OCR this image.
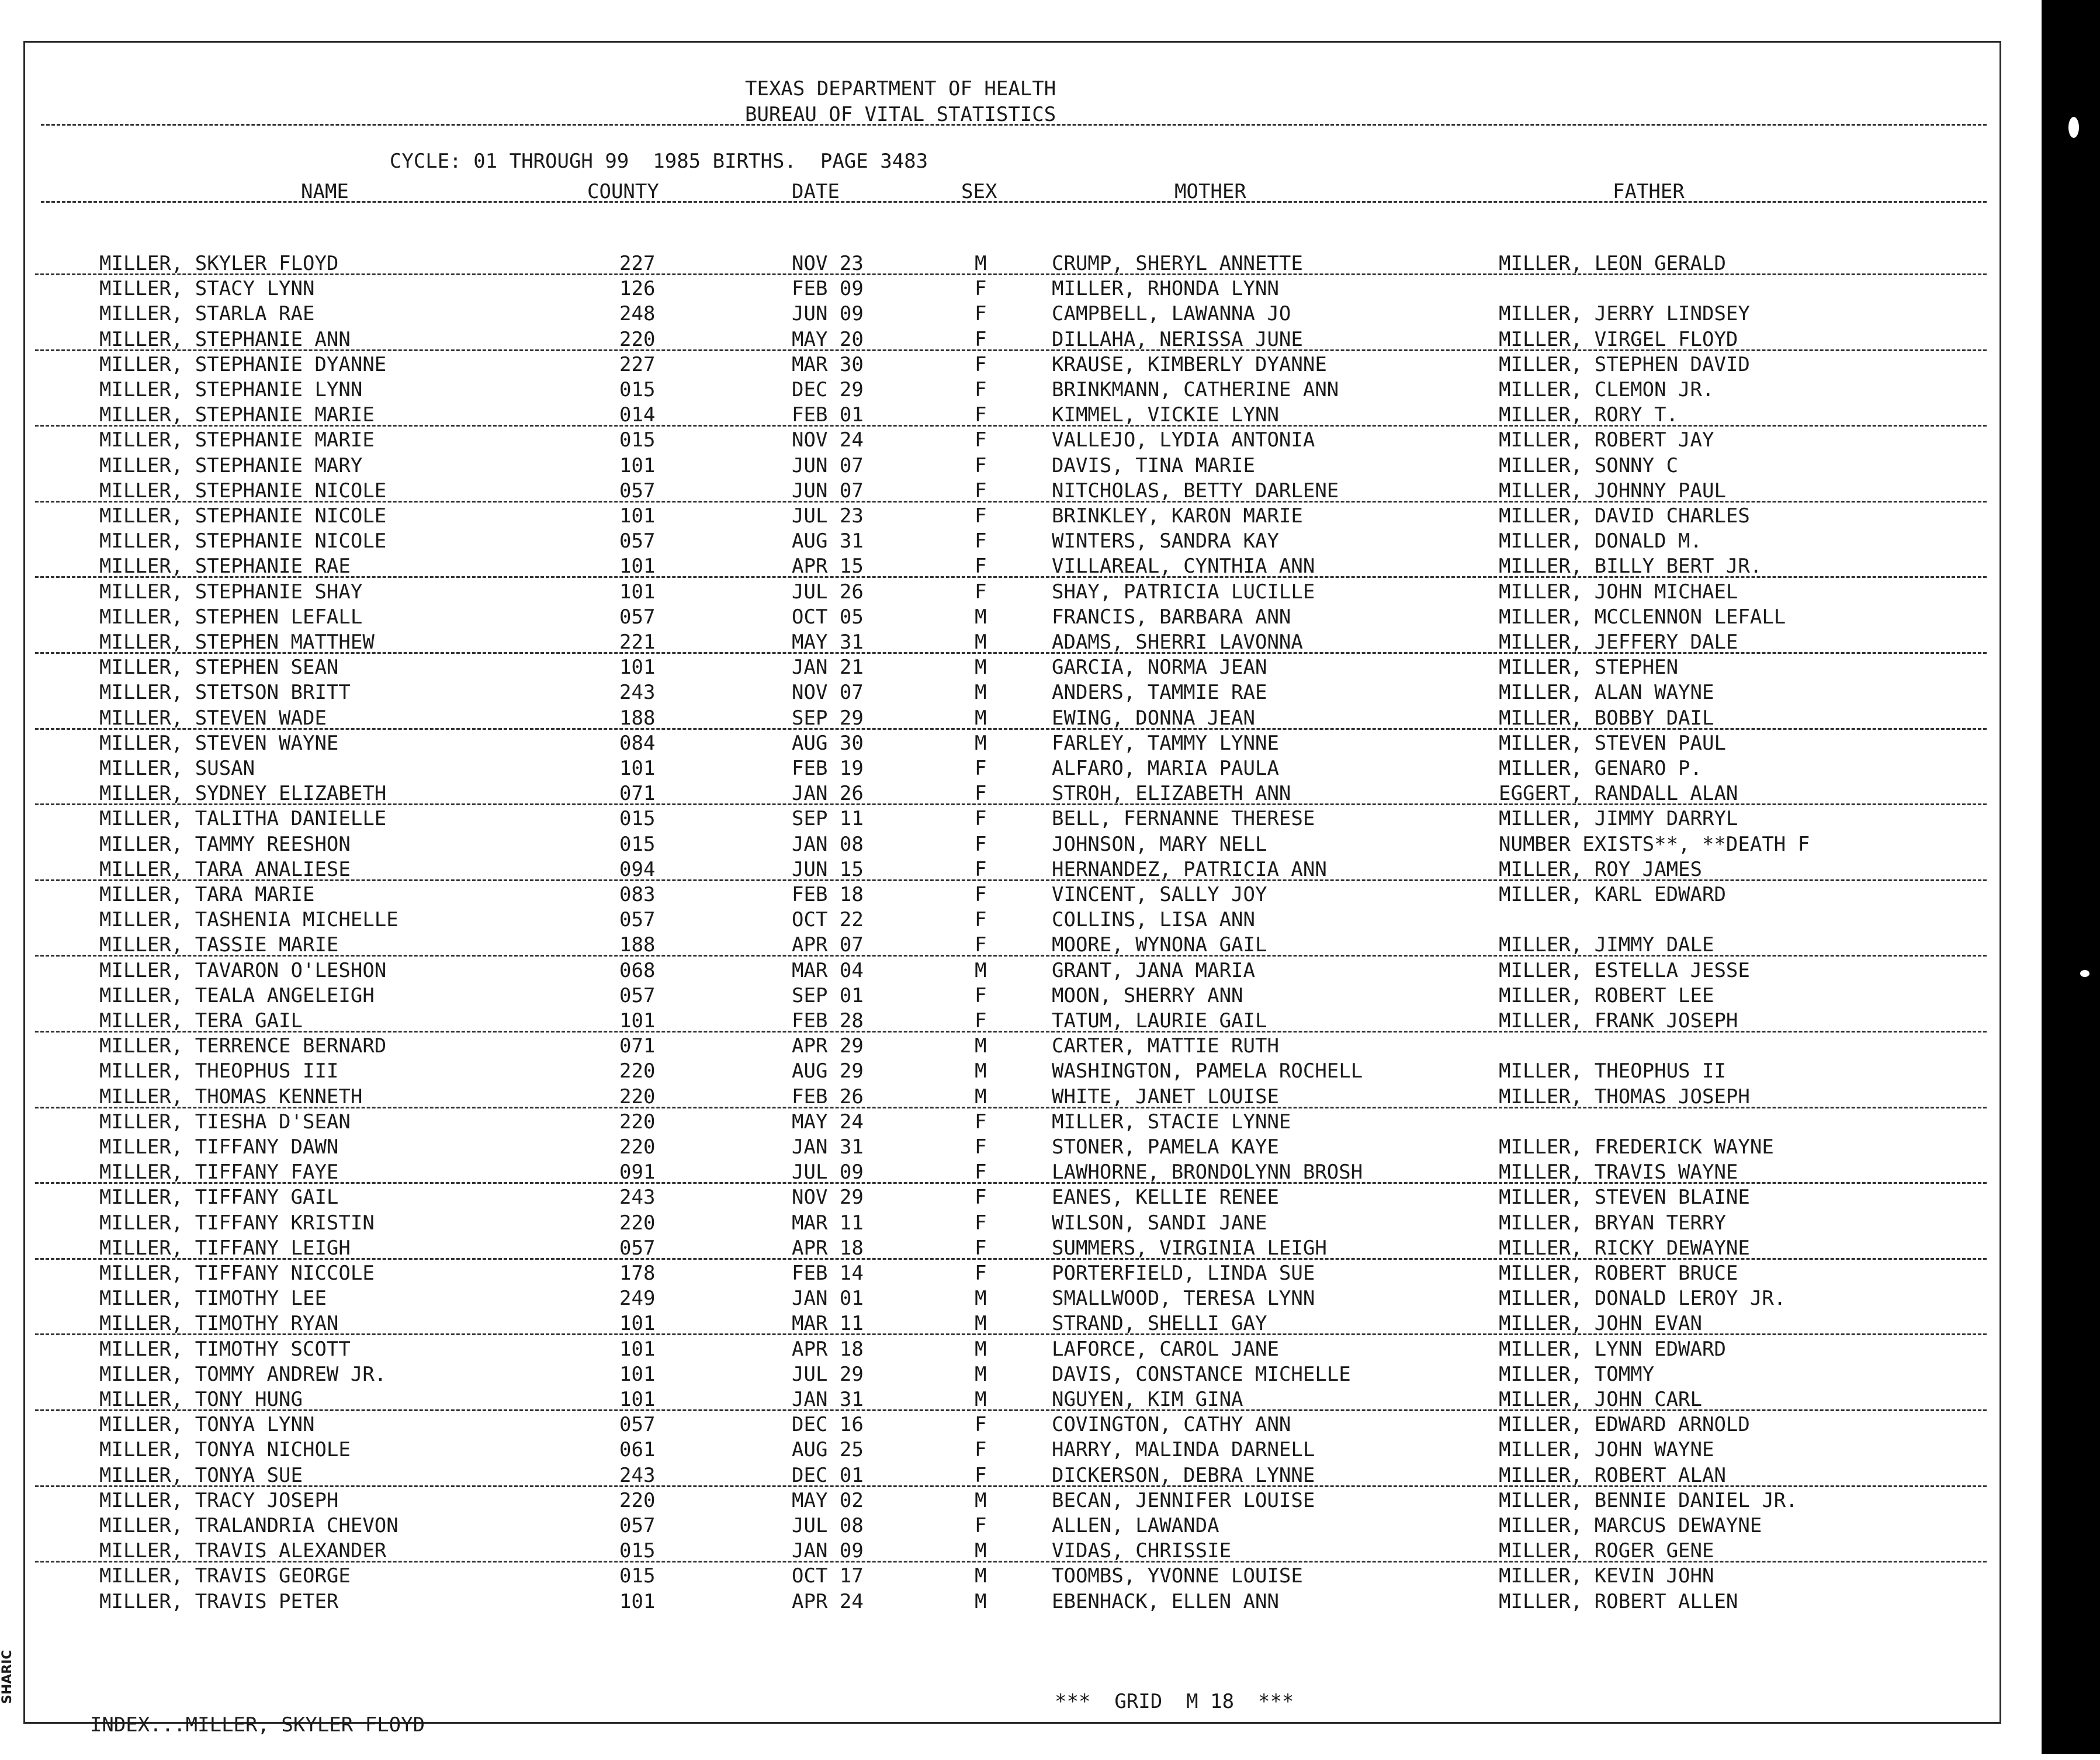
SHARIC
TEXAS DEPARTMENT OF HEALTH
BUREAU OF VITAL STATISTICS

CYCLE: 01 THROUGH 99 1985 BIRTHS. PAGE 3483

NAME	COUNTY	DATE	SEX	MOTHER	FATHER
MILLER, SKYLER FLOYD	227	NOV 23	M	CRUMP, SHERYL ANNETTE	MILLER, LEON GERALD
MILLER, STACY LYNN	126	FEB 09	F	MILLER, RHONDA LYNN
MILLER, STARLA RAE	248	JUN 09	F	CAMPBELL, LAWANNA JO	MILLER, JERRY LINDSEY
MILLER, STEPHANIE ANN	220	MAY 20	F	DILLAHA, NERISSA JUNE	MILLER, VIRGEL FLOYD
MILLER, STEPHANIE DYANNE	227	MAR 30	F	KRAUSE, KIMBERLY DYANNE	MILLER, STEPHEN DAVID
MILLER, STEPHANIE LYNN	015	DEC 29	F	BRINKMANN, CATHERINE ANN	MILLER, CLEMON JR.
MILLER, STEPHANIE MARIE	014	FEB 01	F	KIMMEL, VICKIE LYNN	MILLER, RORY T.
MILLER, STEPHANIE MARIE	015	NOV 24	F	VALLEJO, LYDIA ANTONIA	MILLER, ROBERT JAY
MILLER, STEPHANIE MARY	101	JUN 07	F	DAVIS, TINA MARIE	MILLER, SONNY C
MILLER, STEPHANIE NICOLE	057	JUN 07	F	NITCHOLAS, BETTY DARLENE	MILLER, JOHNNY PAUL
MILLER, STEPHANIE NICOLE	101	JUL 23	F	BRINKLEY, KARON MARIE	MILLER, DAVID CHARLES
MILLER, STEPHANIE NICOLE	057	AUG 31	F	WINTERS, SANDRA KAY	MILLER, DONALD M.
MILLER, STEPHANIE RAE	101	APR 15	F	VILLAREAL, CYNTHIA ANN	MILLER, BILLY BERT JR.
MILLER, STEPHANIE SHAY	101	JUL 26	F	SHAY, PATRICIA LUCILLE	MILLER, JOHN MICHAEL
MILLER, STEPHEN LEFALL	057	OCT 05	M	FRANCIS, BARBARA ANN	MILLER, MCCLENNON LEFALL
MILLER, STEPHEN MATTHEW	221	MAY 31	M	ADAMS, SHERRI LAVONNA	MILLER, JEFFERY DALE
MILLER, STEPHEN SEAN	101	JAN 21	M	GARCIA, NORMA JEAN	MILLER, STEPHEN
MILLER, STETSON BRITT	243	NOV 07	M	ANDERS, TAMMIE RAE	MILLER, ALAN WAYNE
MILLER, STEVEN WADE	188	SEP 29	M	EWING, DONNA JEAN	MILLER, BOBBY DAIL
MILLER, STEVEN WAYNE	084	AUG 30	M	FARLEY, TAMMY LYNNE	MILLER, STEVEN PAUL
MILLER, SUSAN	101	FEB 19	F	ALFARO, MARIA PAULA	MILLER, GENARO P.
MILLER, SYDNEY ELIZABETH	071	JAN 26	F	STROH, ELIZABETH ANN	EGGERT, RANDALL ALAN
MILLER, TALITHA DANIELLE	015	SEP 11	F	BELL, FERNANNE THERESE	MILLER, JIMMY DARRYL
MILLER, TAMMY REESHON	015	JAN 08	F	JOHNSON, MARY NELL	NUMBER EXISTS**, **DEATH F
MILLER, TARA ANALIESE	094	JUN 15	F	HERNANDEZ, PATRICIA ANN	MILLER, ROY JAMES
MILLER, TARA MARIE	083	FEB 18	F	VINCENT, SALLY JOY	MILLER, KARL EDWARD
MILLER, TASHENIA MICHELLE	057	OCT 22	F	COLLINS, LISA ANN
MILLER, TASSIE MARIE	188	APR 07	F	MOORE, WYNONA GAIL	MILLER, JIMMY DALE
MILLER, TAVARON O'LESHON	068	MAR 04	M	GRANT, JANA MARIA	MILLER, ESTELLA JESSE
MILLER, TEALA ANGELEIGH	057	SEP 01	F	MOON, SHERRY ANN	MILLER, ROBERT LEE
MILLER, TERA GAIL	101	FEB 28	F	TATUM, LAURIE GAIL	MILLER, FRANK JOSEPH
MILLER, TERRENCE BERNARD	071	APR 29	M	CARTER, MATTIE RUTH
MILLER, THEOPHUS III	220	AUG 29	M	WASHINGTON, PAMELA ROCHELL	MILLER, THEOPHUS II
MILLER, THOMAS KENNETH	220	FEB 26	M	WHITE, JANET LOUISE	MILLER, THOMAS JOSEPH
MILLER, TIESHA D'SEAN	220	MAY 24	F	MILLER, STACIE LYNNE
MILLER, TIFFANY DAWN	220	JAN 31	F	STONER, PAMELA KAYE	MILLER, FREDERICK WAYNE
MILLER, TIFFANY FAYE	091	JUL 09	F	LAWHORNE, BRONDOLYNN BROSH	MILLER, TRAVIS WAYNE
MILLER, TIFFANY GAIL	243	NOV 29	F	EANES, KELLIE RENEE	MILLER, STEVEN BLAINE
MILLER, TIFFANY KRISTIN	220	MAR 11	F	WILSON, SANDI JANE	MILLER, BRYAN TERRY
MILLER, TIFFANY LEIGH	057	APR 18	F	SUMMERS, VIRGINIA LEIGH	MILLER, RICKY DEWAYNE
MILLER, TIFFANY NICCOLE	178	FEB 14	F	PORTERFIELD, LINDA SUE	MILLER, ROBERT BRUCE
MILLER, TIMOTHY LEE	249	JAN 01	M	SMALLWOOD, TERESA LYNN	MILLER, DONALD LEROY JR.
MILLER, TIMOTHY RYAN	101	MAR 11	M	STRAND, SHELLI GAY	MILLER, JOHN EVAN
MILLER, TIMOTHY SCOTT	101	APR 18	M	LAFORCE, CAROL JANE	MILLER, LYNN EDWARD
MILLER, TOMMY ANDREW JR.	101	JUL 29	M	DAVIS, CONSTANCE MICHELLE	MILLER, TOMMY
MILLER, TONY HUNG	101	JAN 31	M	NGUYEN, KIM GINA	MILLER, JOHN CARL
MILLER, TONYA LYNN	057	DEC 16	F	COVINGTON, CATHY ANN	MILLER, EDWARD ARNOLD
MILLER, TONYA NICHOLE	061	AUG 25	F	HARRY, MALINDA DARNELL	MILLER, JOHN WAYNE
MILLER, TONYA SUE	243	DEC 01	F	DICKERSON, DEBRA LYNNE	MILLER, ROBERT ALAN
MILLER, TRACY JOSEPH	220	MAY 02	M	BECAN, JENNIFER LOUISE	MILLER, BENNIE DANIEL JR.
MILLER, TRALANDRIA CHEVON	057	JUL 08	F	ALLEN, LAWANDA	MILLER, MARCUS DEWAYNE
MILLER, TRAVIS ALEXANDER	015	JAN 09	M	VIDAS, CHRISSIE	MILLER, ROGER GENE
MILLER, TRAVIS GEORGE	015	OCT 17	M	TOOMBS, YVONNE LOUISE	MILLER, KEVIN JOHN
MILLER, TRAVIS PETER	101	APR 24	M	EBENHACK, ELLEN ANN	MILLER, ROBERT ALLEN

INDEX...MILLER, SKYLER FLOYD

***  GRID  M 18  ***
